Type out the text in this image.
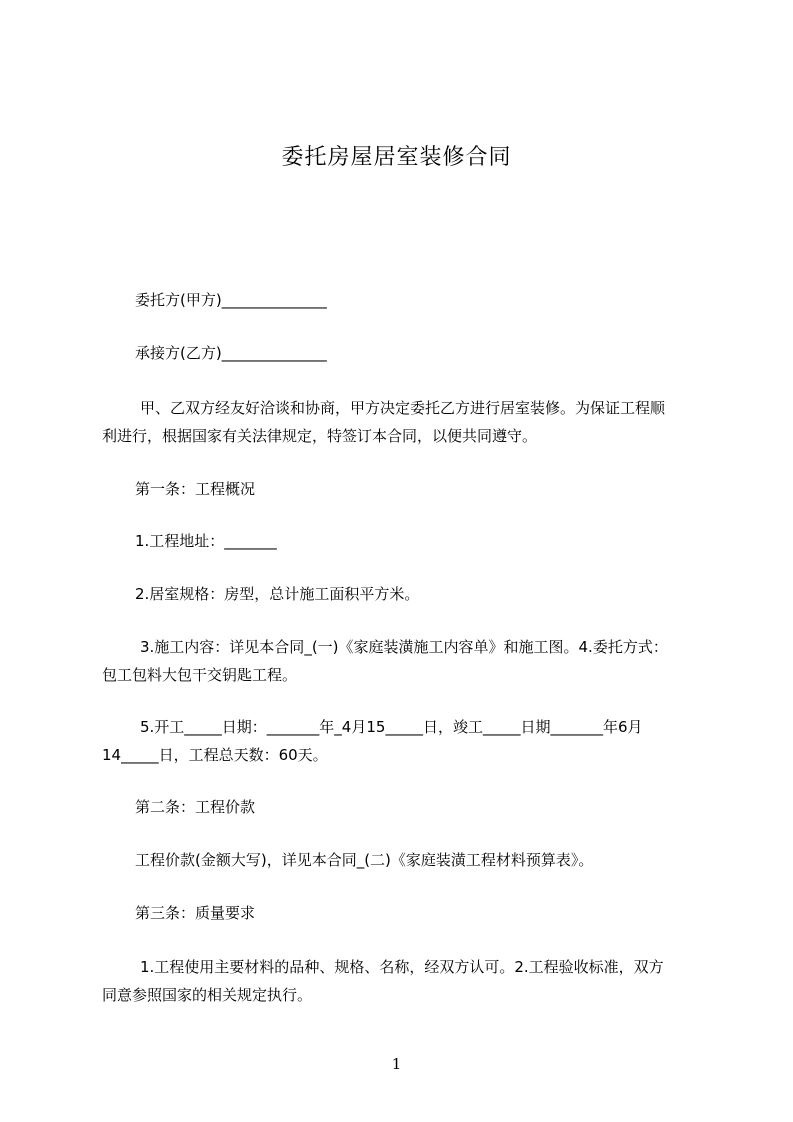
委托房屋居室装修合同
委托方(甲方)______________
承接方(乙方)______________
甲、乙双方经友好洽谈和协商，甲方决定委托乙方进行居室装修。为保证工程顺
利进行，根据国家有关法律规定，特签订本合同，以便共同遵守。
第一条：工程概况
1.工程地址：_______
2.居室规格：房型，总计施工面积平方米。
3.施工内容：详见本合同_(一)《家庭装潢施工内容单》和施工图。4.委托方式：
包工包料大包干交钥匙工程。
5.开工_____日期：_______年_4月15_____日，竣工_____日期_______年6月
14_____日，工程总天数：60天。
第二条：工程价款
工程价款(金额大写)，详见本合同_(二)《家庭装潢工程材料预算表》。
第三条：质量要求
1.工程使用主要材料的品种、规格、名称，经双方认可。2.工程验收标准，双方
同意参照国家的相关规定执行。
1
